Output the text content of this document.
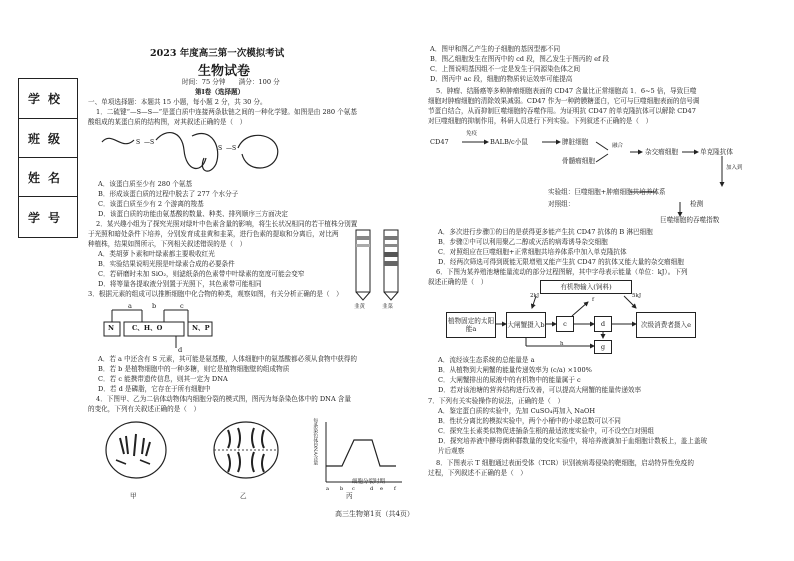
学校
班级
姓名
学号
2023 年度高三第一次模拟考试
生物试卷
时间：75 分钟　　满分：100 分
第Ⅰ卷（选择题）
一、单项选择题：本题共 15 小题，每小题 2 分，共 30 分。
1．二硫键“—S—S—”是蛋白质中连接两条肽链之间的一种化学键。如图是由 280 个氨基
酸组成的某蛋白质的结构图，对其叙述正确的是（　）
S —S
S —S
A．该蛋白质至少有 280 个氨基
B．形成该蛋白质的过程中脱去了 277 个水分子
C．该蛋白质至少有 2 个游离的羧基
D．该蛋白质的功能由氨基酸的数量、种类、排列顺序三方面决定
2．某兴趣小组为了探究光照对绿叶中色素含量的影响，将生长状况相同的若干植株分别置
于光照和暗处条件下培养，分别发育成韭黄和韭菜，进行色素的提取和分离后，对比两
种植株，结果如图所示，下列相关叙述错误的是（　）
韭黄	韭菜
A．类胡萝卜素和叶绿素都主要吸收红光
B．实验结果说明光照是叶绿素合成的必要条件
C．若研磨时未加 SiO₂，则滤纸条的色素带中叶绿素的宽度可能会变窄
D．将等量各提取液分别置于光照下，其色素带可能相同
3．根据元素的组成可以推断细胞中化合物的种类，观察如图，有关分析正确的是（　）
a	b	c
d
N	C、H、O	N、P
A．若 a 中还含有 S 元素，其可能是氨基酸，人体细胞中的氨基酸都必须从食物中获得的
B．若 b 是植物细胞中的一种多糖，则它是植物细胞壁的组成物质
C．若 c 能携带遗传信息，则其一定为 DNA
D．若 d 是磷脂，它存在于所有细胞中
4．下图甲、乙为二倍体动物体内细胞分裂的模式图，图丙为每条染色体中的 DNA 含量
的变化，下列有关叙述正确的是（　）
a b c	d e f
每条染色体DNA含量
细胞分裂时期
甲	乙	丙
A．图甲和图乙产生的子细胞的基因型都不同
B．图乙细胞发生在图丙中的 cd 段，图乙发生于图丙的 ef 段
C．上图说明基因组不一定是发生于同源染色体之间
D．图丙中 ac 段，细胞的物质转运效率可能提高
5．肿瘤、结肠癌等多种肿瘤细胞表面的 CD47 含量比正常细胞高 1．6~5 倍，导致巨噬
细胞对肿瘤细胞的清除效果减弱。CD47 作为一种跨膜糖蛋白，它可与巨噬细胞表面的信号调
节蛋白结合，从而抑制巨噬细胞的吞噬作用。为证明抗 CD47 的单克隆抗体可以解除 CD47
对巨噬细胞的抑制作用，科研人员进行下列实验。下列叙述不正确的是（　）
CD47
免疫
BALB/c小鼠	脾脏细胞
骨髓瘤细胞
融合
杂交瘤细胞	单克隆抗体
加入到
实验组：巨噬细胞+肿瘤细胞共培养体系
对照组：	检测
巨噬细胞的吞噬指数
A．多次进行步骤①的目的是获得更多能产生抗 CD47 抗体的 B 淋巴细胞
B．步骤②中可以利用聚乙二醇或灭活的病毒诱导杂交细胞
C．对照组应在巨噬细胞+正常细胞共培养体系中加入单克隆抗体
D．经两次筛选可得到既能无限增殖又能产生抗 CD47 的抗体又能大量的杂交瘤细胞
6．下图为某养殖池塘能量流动的部分过程图解，其中字母表示能量（单位：kJ）。下列
叙述正确的是（　）
有机物输入(饲料)
2kJ	5kJ
植物固定的太阳能a	大闸蟹摄入b	c	d
g
f
h
次级消费者摄入e
A．流经该生态系统的总能量是 a
B．从植物到大闸蟹的能量传递效率为 (c/a) ×100%
C．大闸蟹排出的尿液中的有机物中的能量属于 c
D．若对该池塘的营养结构进行改善，可以提高大闸蟹的能量传递效率
7．下列有关实验操作的说法，正确的是（　）
A．鉴定蛋白质的实验中，先加 CuSO₄再加入 NaOH
B．性状分离比的模拟实验中，两个小桶中的小球总数可以不同
C．探究生长素类似物促进插条生根的最适浓度实验中，可不设空白对照组
D．探究培养液中酵母菌种群数量的变化实验中，将培养液滴加于血细胞计数板上，盖上盖玻
片后观察
8．下图表示 T 细胞通过表面受体（TCR）识别被病毒侵染的靶细胞，启动特异性免疫的
过程，下列叙述不正确的是（　）
高三生物第1页（共4页）
